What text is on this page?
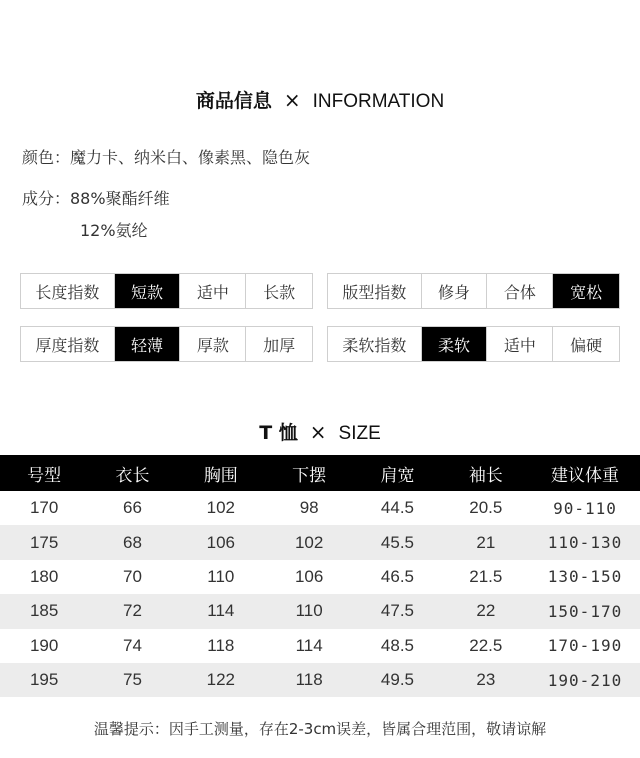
商品信息 × INFORMATION
颜色：魔力卡、纳米白、像素黑、隐色灰
成分：88%聚酯纤维
12%氨纶
长度指数	短款	适中	长款	版型指数	修身	合体	宽松
厚度指数	轻薄	厚款	加厚	柔软指数	柔软	适中	偏硬
T 恤 × SIZE
号型	衣长	胸围	下摆	肩宽	袖长	建议体重
170	66	102	98	44.5	20.5	90-110
175	68	106	102	45.5	21	110-130
180	70	110	106	46.5	21.5	130-150
185	72	114	110	47.5	22	150-170
190	74	118	114	48.5	22.5	170-190
195	75	122	118	49.5	23	190-210
温馨提示：因手工测量，存在2-3cm误差，皆属合理范围，敬请谅解
